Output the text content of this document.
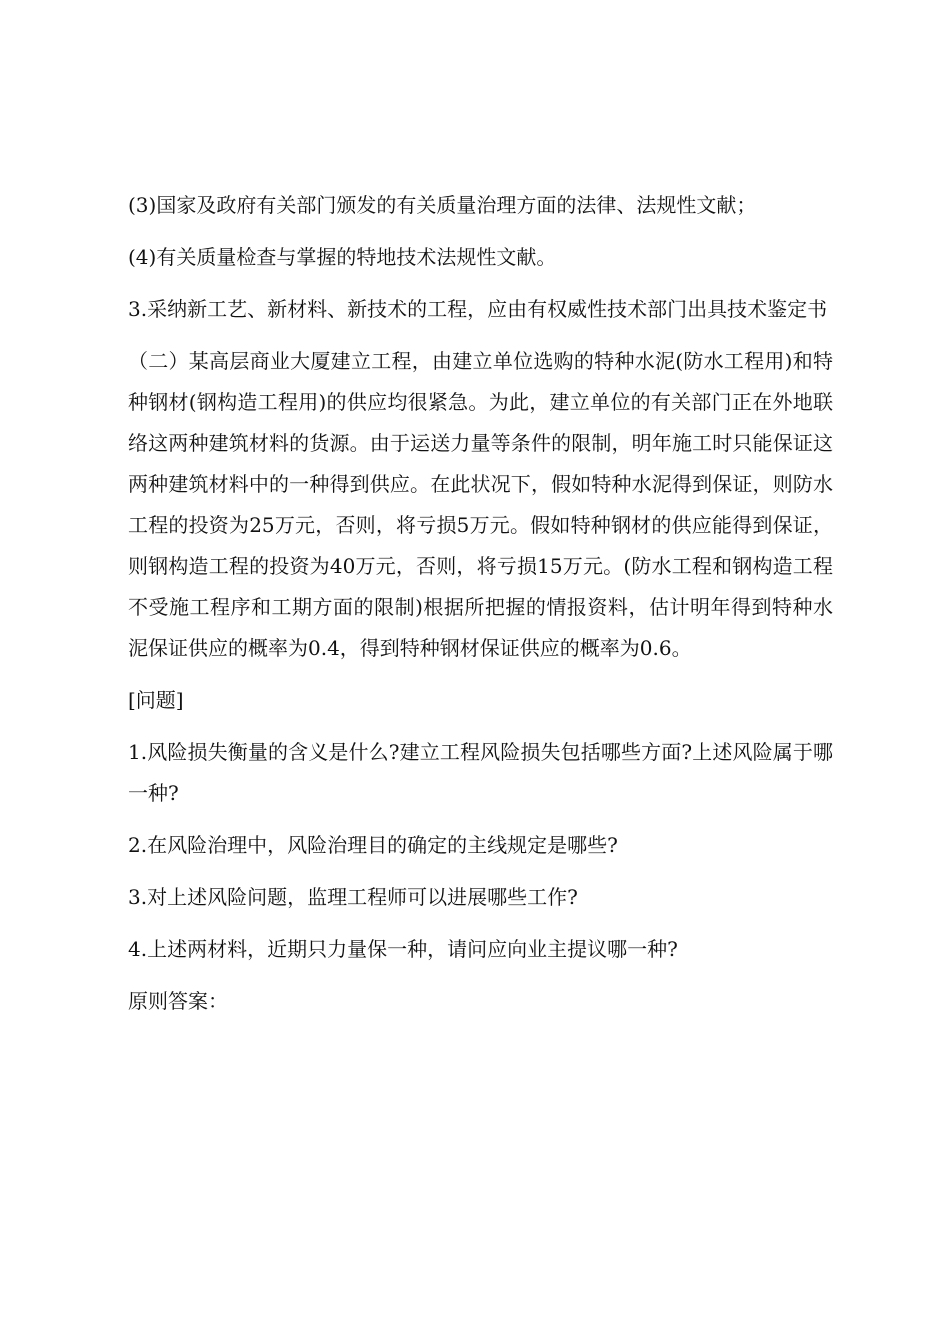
(3)国家及政府有关部门颁发的有关质量治理方面的法律、法规性文献；

(4)有关质量检查与掌握的特地技术法规性文献。

3.采纳新工艺、新材料、新技术的工程，应由有权威性技术部门出具技术鉴定书

（二）某高层商业大厦建立工程，由建立单位选购的特种水泥(防水工程用)和特种钢材(钢构造工程用)的供应均很紧急。为此，建立单位的有关部门正在外地联络这两种建筑材料的货源。由于运送力量等条件的限制，明年施工时只能保证这两种建筑材料中的一种得到供应。在此状况下，假如特种水泥得到保证，则防水工程的投资为25万元，否则，将亏损5万元。假如特种钢材的供应能得到保证，则钢构造工程的投资为40万元，否则，将亏损15万元。(防水工程和钢构造工程不受施工程序和工期方面的限制)根据所把握的情报资料，估计明年得到特种水泥保证供应的概率为0.4，得到特种钢材保证供应的概率为0.6。

[问题]

1.风险损失衡量的含义是什么?建立工程风险损失包括哪些方面?上述风险属于哪一种?

2.在风险治理中，风险治理目的确定的主线规定是哪些?

3.对上述风险问题，监理工程师可以进展哪些工作?

4.上述两材料，近期只力量保一种，请问应向业主提议哪一种?

原则答案：
